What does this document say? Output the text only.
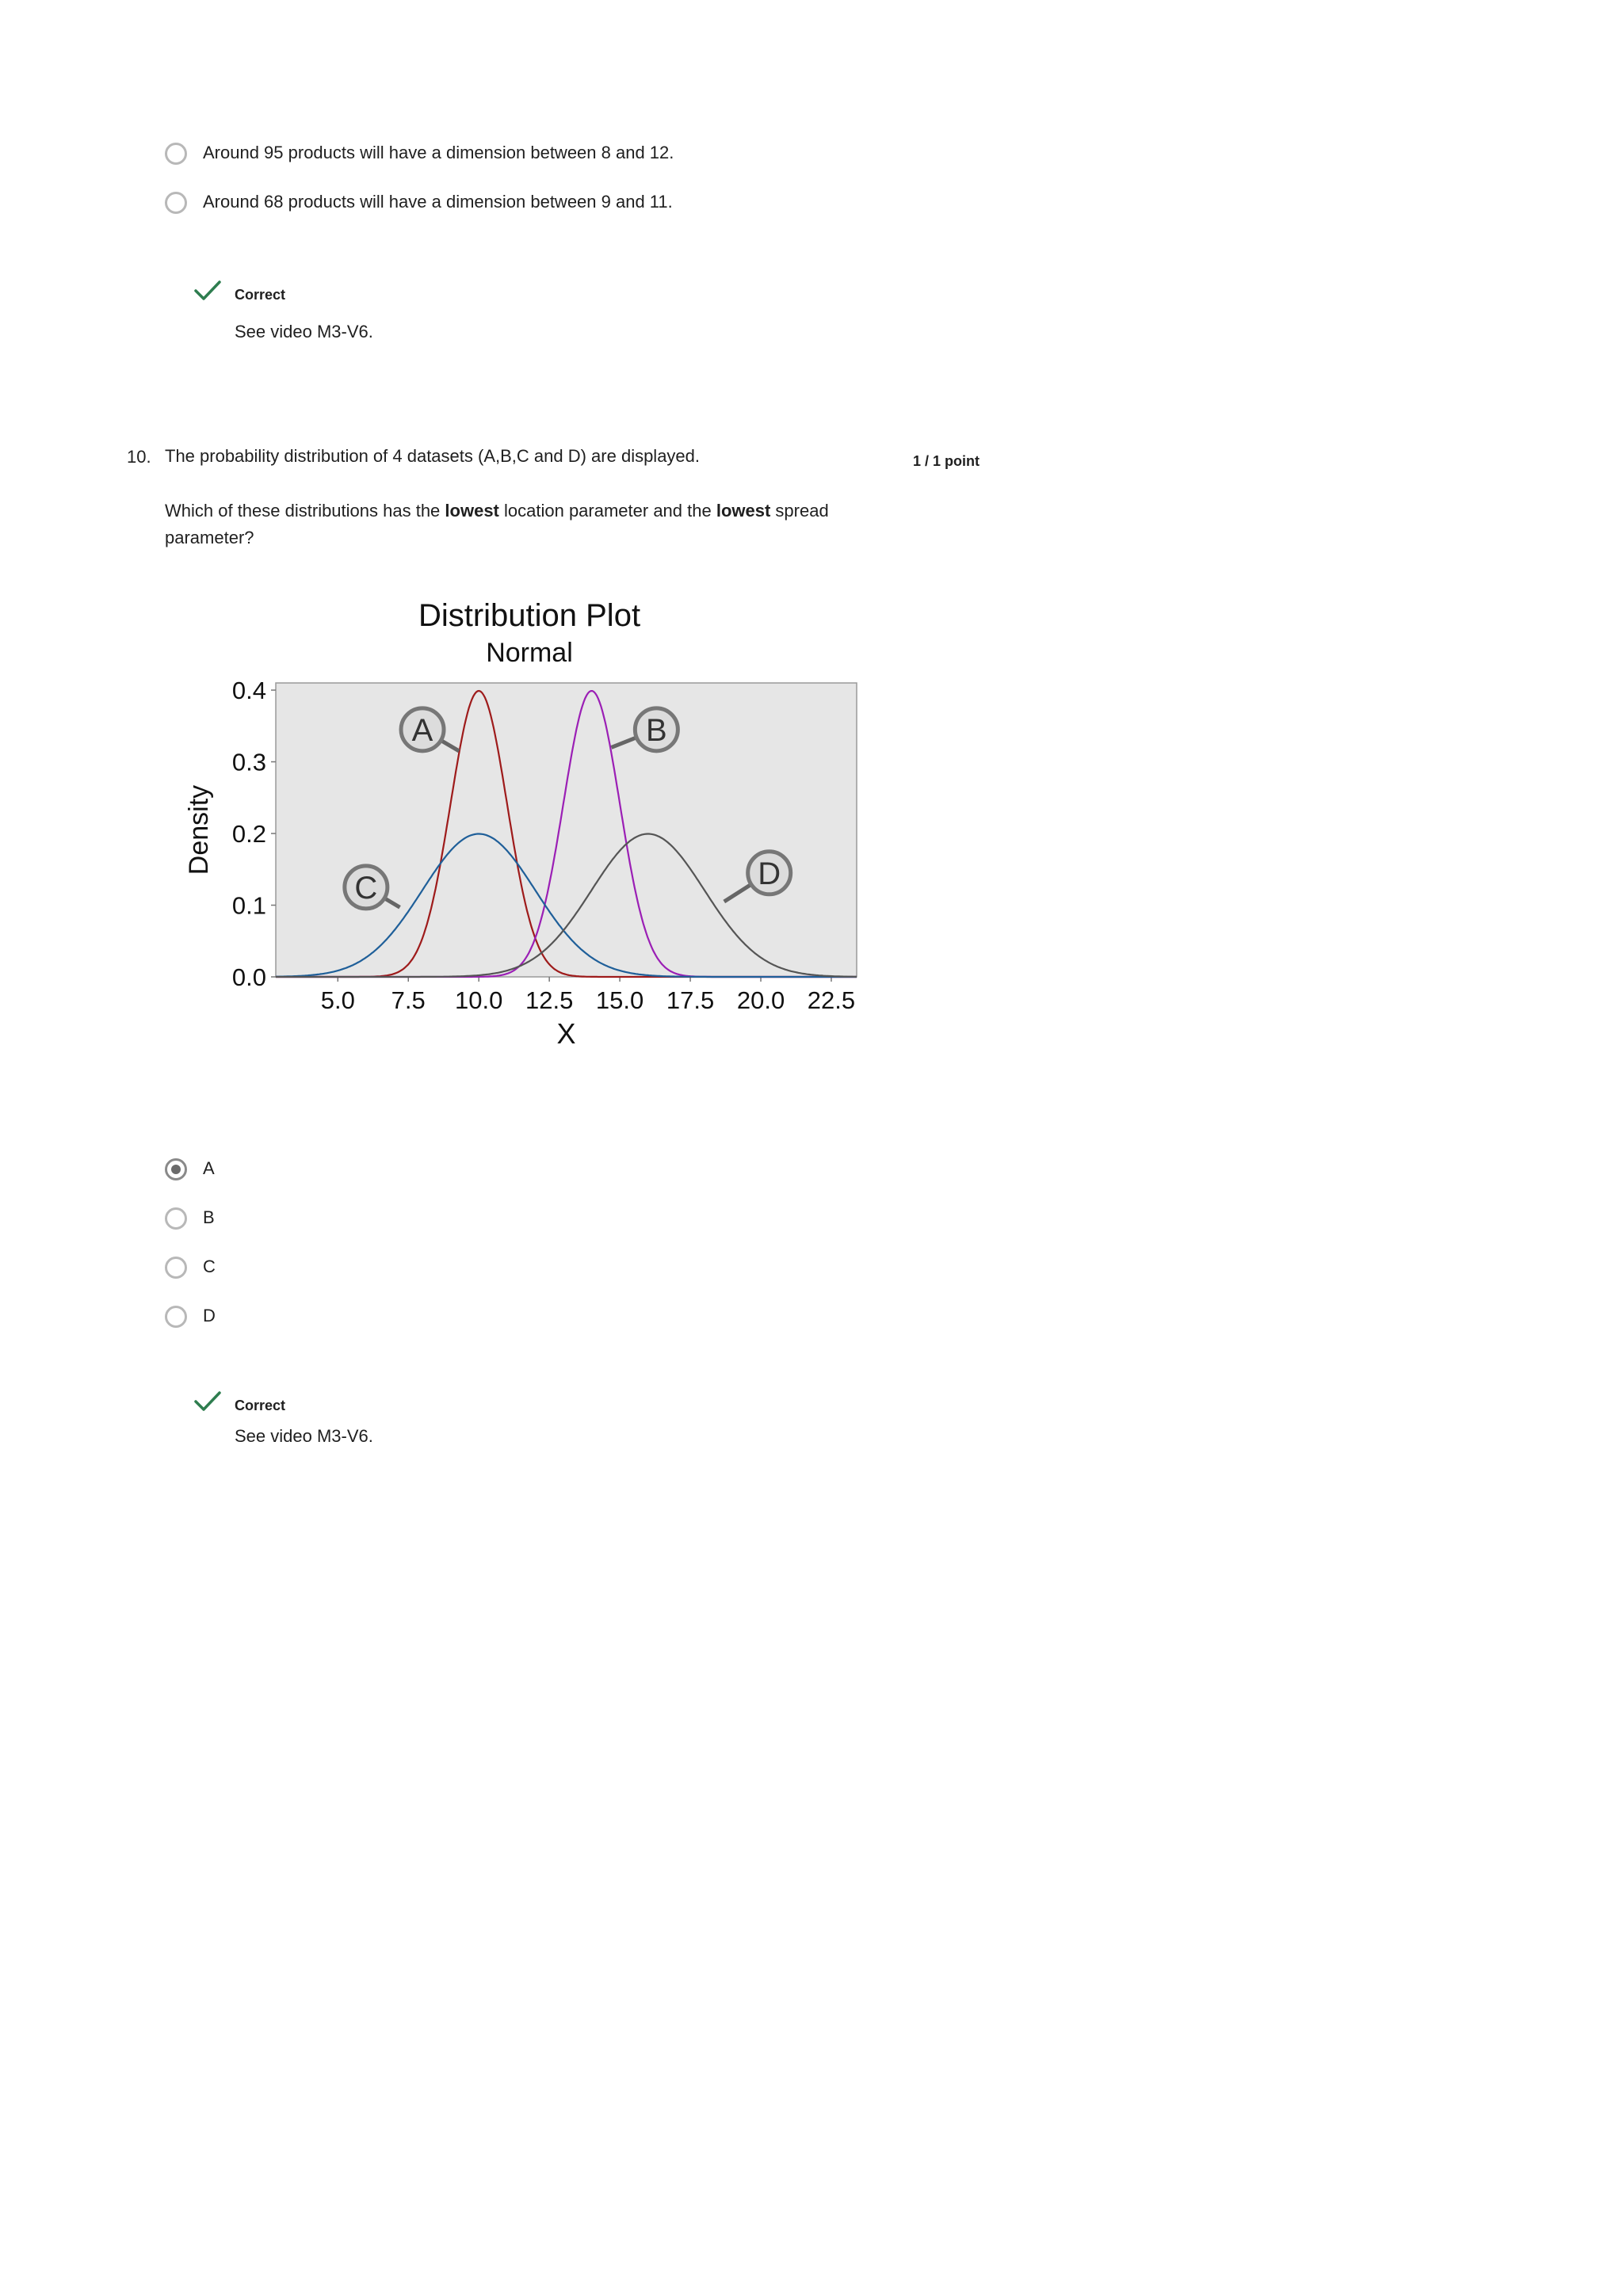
Around 95 products will have a dimension between 8 and 12.
Around 68 products will have a dimension between 9 and 11.
Correct
See video M3-V6.
10. The probability distribution of 4 datasets (A,B,C and D) are displayed.	1 / 1 point
Which of these distributions has the lowest location parameter and the lowest spread
parameter?
Distribution Plot
Normal
0.0
0.1
0.2
0.3
0.4
5.0 7.5 10.0 12.5 15.0 17.5 20.0 22.5
X
Density
A	B
C	D
A
B
C
D
Correct
See video M3-V6.
